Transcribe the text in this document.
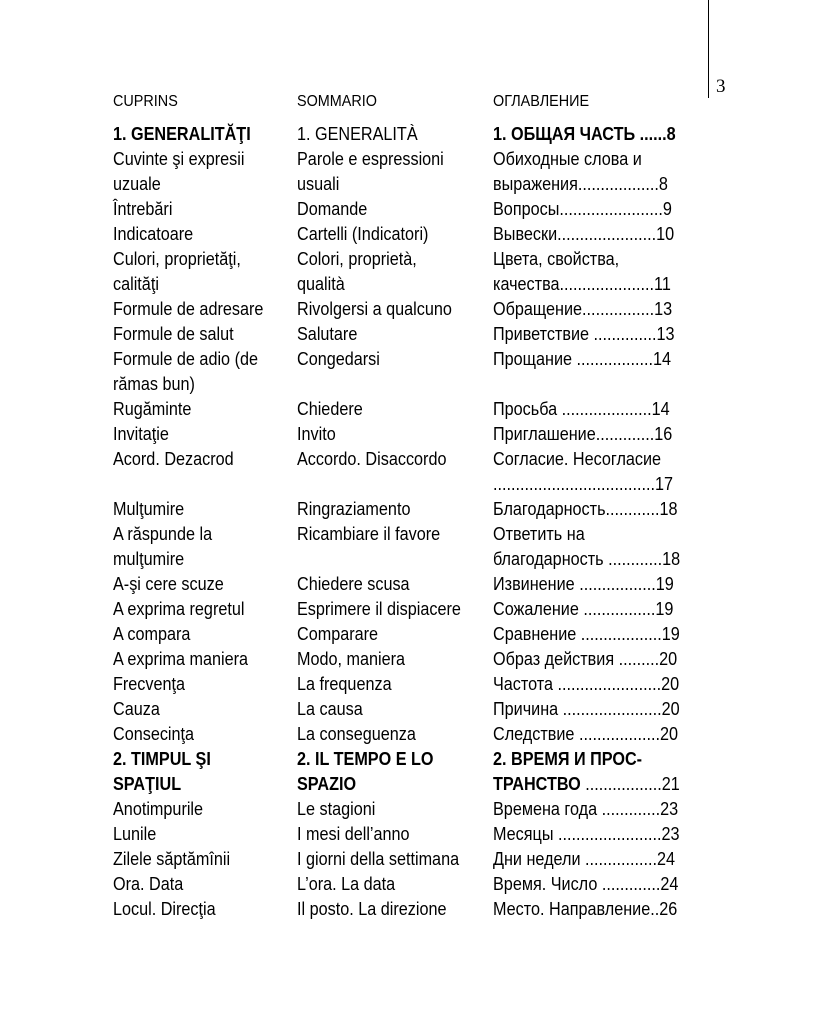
3
CUPRINS
1. GENERALITĂŢI
Cuvinte şi expresii
uzuale
Întrebări
Indicatoare
Culori, proprietăţi,
calităţi
Formule de adresare
Formule de salut
Formule de adio (de
rămas bun)
Rugăminte
Invitaţie
Acord. Dezacrod
Mulţumire
A răspunde la
mulţumire
A-şi cere scuze
A exprima regretul
A compara
A exprima maniera
Frecvenţa
Cauza
Consecinţa
2. TIMPUL ŞI
SPAŢIUL
Anotimpurile
Lunile
Zilele săptămînii
Ora. Data
Locul. Direcţia
SOMMARIO
1. GENERALITÀ
Parole e espressioni
usuali
Domande
Cartelli (Indicatori)
Colori, proprietà,
qualità
Rivolgersi a qualcuno
Salutare
Congedarsi
Chiedere
Invito
Accordo. Disaccordo
Ringraziamento
Ricambiare il favore
Chiedere scusa
Esprimere il dispiacere
Comparare
Modo, maniera
La frequenza
La causa
La conseguenza
2. IL TEMPO E LO
SPAZIO
Le stagioni
I mesi dell’anno
I giorni della settimana
L’ora. La data
Il posto. La direzione
ОГЛАВЛЕНИЕ
1. ОБЩАЯ ЧАСТЬ ......8
Обиходные слова и
выражения..................8
Вопросы.......................9
Вывески......................10
Цвета, свойства,
качества.....................11
Обращение................13
Приветствие ..............13
Прощание .................14
Просьба ....................14
Приглашение.............16
Согласие. Несогласие
....................................17
Благодарность............18
Ответить на
благодарность ............18
Извинение .................19
Сожаление ................19
Сравнение ..................19
Образ действия .........20
Частота .......................20
Причина ......................20
Следствие ..................20
2. ВРЕМЯ И ПРОС-
ТРАНСТВО .................21
Времена года .............23
Месяцы .......................23
Дни недели ................24
Время. Число .............24
Место. Направление..26
